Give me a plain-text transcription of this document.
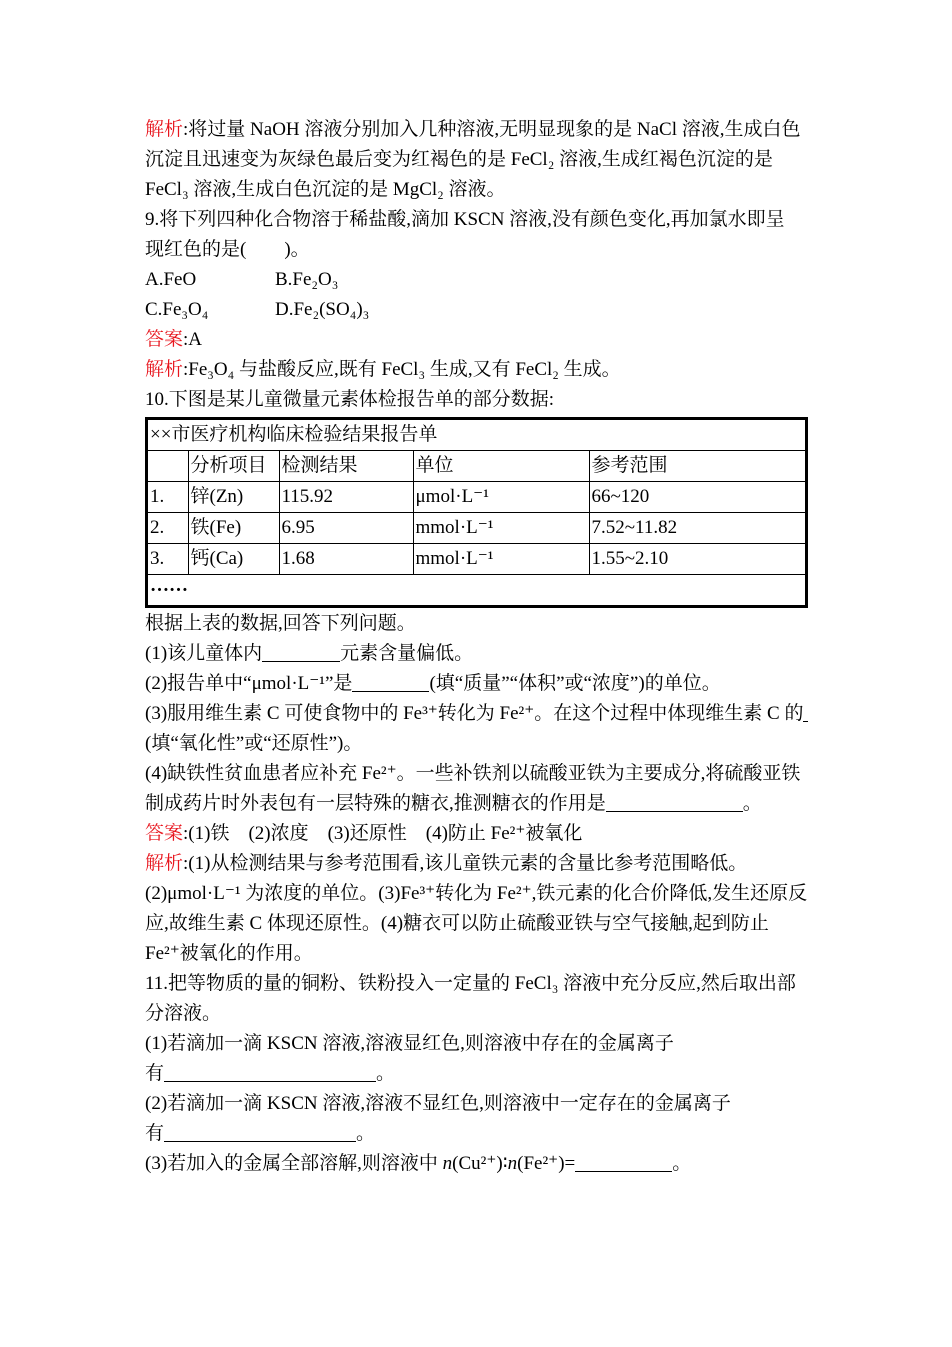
解析:将过量 NaOH 溶液分别加入几种溶液,无明显现象的是 NaCl 溶液,生成白色
沉淀且迅速变为灰绿色最后变为红褐色的是 FeCl₂ 溶液,生成红褐色沉淀的是
FeCl₃ 溶液,生成白色沉淀的是 MgCl₂ 溶液。
9.将下列四种化合物溶于稀盐酸,滴加 KSCN 溶液,没有颜色变化,再加氯水即呈
现红色的是(　　)。
A.FeO	B.Fe₂O₃
C.Fe₃O₄	D.Fe₂(SO₄)₃
答案:A
解析:Fe₃O₄ 与盐酸反应,既有 FeCl₃ 生成,又有 FeCl₂ 生成。
10.下图是某儿童微量元素体检报告单的部分数据:
××市医疗机构临床检验结果报告单				
	分析项目	检测结果	单位	参考范围
1.	锌(Zn)	115.92	μmol·L⁻¹	66~120
2.	铁(Fe)	6.95	mmol·L⁻¹	7.52~11.82
3.	钙(Ca)	1.68	mmol·L⁻¹	1.55~2.10
……				
根据上表的数据,回答下列问题。
(1)该儿童体内	元素含量偏低。
(2)报告单中“μmol·L⁻¹”是	(填“质量”“体积”或“浓度”)的单位。
(3)服用维生素 C 可使食物中的 Fe³⁺转化为 Fe²⁺。在这个过程中体现维生素 C 的
(填“氧化性”或“还原性”)。
(4)缺铁性贫血患者应补充 Fe²⁺。一些补铁剂以硫酸亚铁为主要成分,将硫酸亚铁
制成药片时外表包有一层特殊的糖衣,推测糖衣的作用是	。
答案:(1)铁　(2)浓度　(3)还原性　(4)防止 Fe²⁺被氧化
解析:(1)从检测结果与参考范围看,该儿童铁元素的含量比参考范围略低。
(2)μmol·L⁻¹ 为浓度的单位。(3)Fe³⁺转化为 Fe²⁺,铁元素的化合价降低,发生还原反
应,故维生素 C 体现还原性。(4)糖衣可以防止硫酸亚铁与空气接触,起到防止
Fe²⁺被氧化的作用。
11.把等物质的量的铜粉、铁粉投入一定量的 FeCl₃ 溶液中充分反应,然后取出部
分溶液。
(1)若滴加一滴 KSCN 溶液,溶液显红色,则溶液中存在的金属离子
有	。
(2)若滴加一滴 KSCN 溶液,溶液不显红色,则溶液中一定存在的金属离子
有	。
(3)若加入的金属全部溶解,则溶液中 n(Cu²⁺)∶n(Fe²⁺)=	。
